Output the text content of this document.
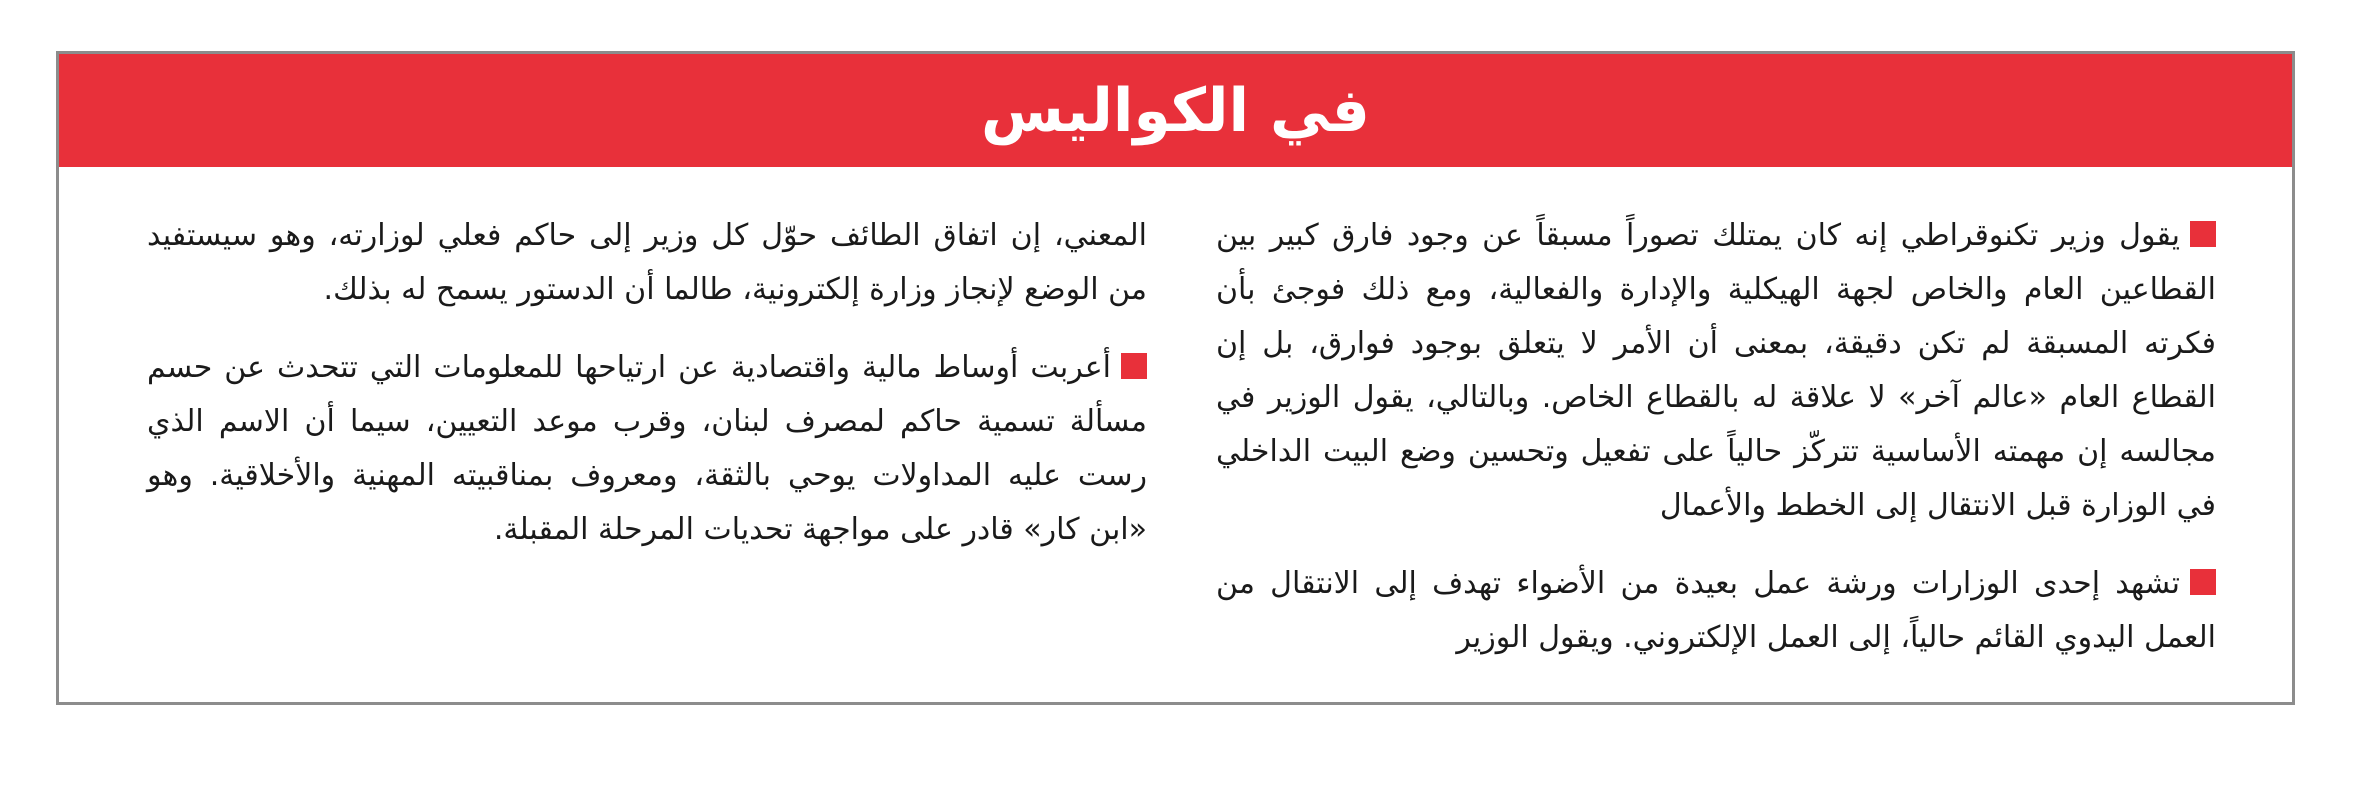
في الكواليس

يقول وزير تكنوقراطي إنه كان يمتلك تصوراً مسبقاً عن وجود فارق كبير بين القطاعين العام والخاص لجهة الهيكلية والإدارة والفعالية، ومع ذلك فوجئ بأن فكرته المسبقة لم تكن دقيقة، بمعنى أن الأمر لا يتعلق بوجود فوارق، بل إن القطاع العام «عالم آخر» لا علاقة له بالقطاع الخاص. وبالتالي، يقول الوزير في مجالسه إن مهمته الأساسية تتركّز حالياً على تفعيل وتحسين وضع البيت الداخلي في الوزارة قبل الانتقال إلى الخطط والأعمال

تشهد إحدى الوزارات ورشة عمل بعيدة من الأضواء تهدف إلى الانتقال من العمل اليدوي القائم حالياً، إلى العمل الإلكتروني. ويقول الوزير

المعني، إن اتفاق الطائف حوّل كل وزير إلى حاكم فعلي لوزارته، وهو سيستفيد من الوضع لإنجاز وزارة إلكترونية، طالما أن الدستور يسمح له بذلك.

أعربت أوساط مالية واقتصادية عن ارتياحها للمعلومات التي تتحدث عن حسم مسألة تسمية حاكم لمصرف لبنان، وقرب موعد التعيين، سيما أن الاسم الذي رست عليه المداولات يوحي بالثقة، ومعروف بمناقبيته المهنية والأخلاقية. وهو «ابن كار» قادر على مواجهة تحديات المرحلة المقبلة.
